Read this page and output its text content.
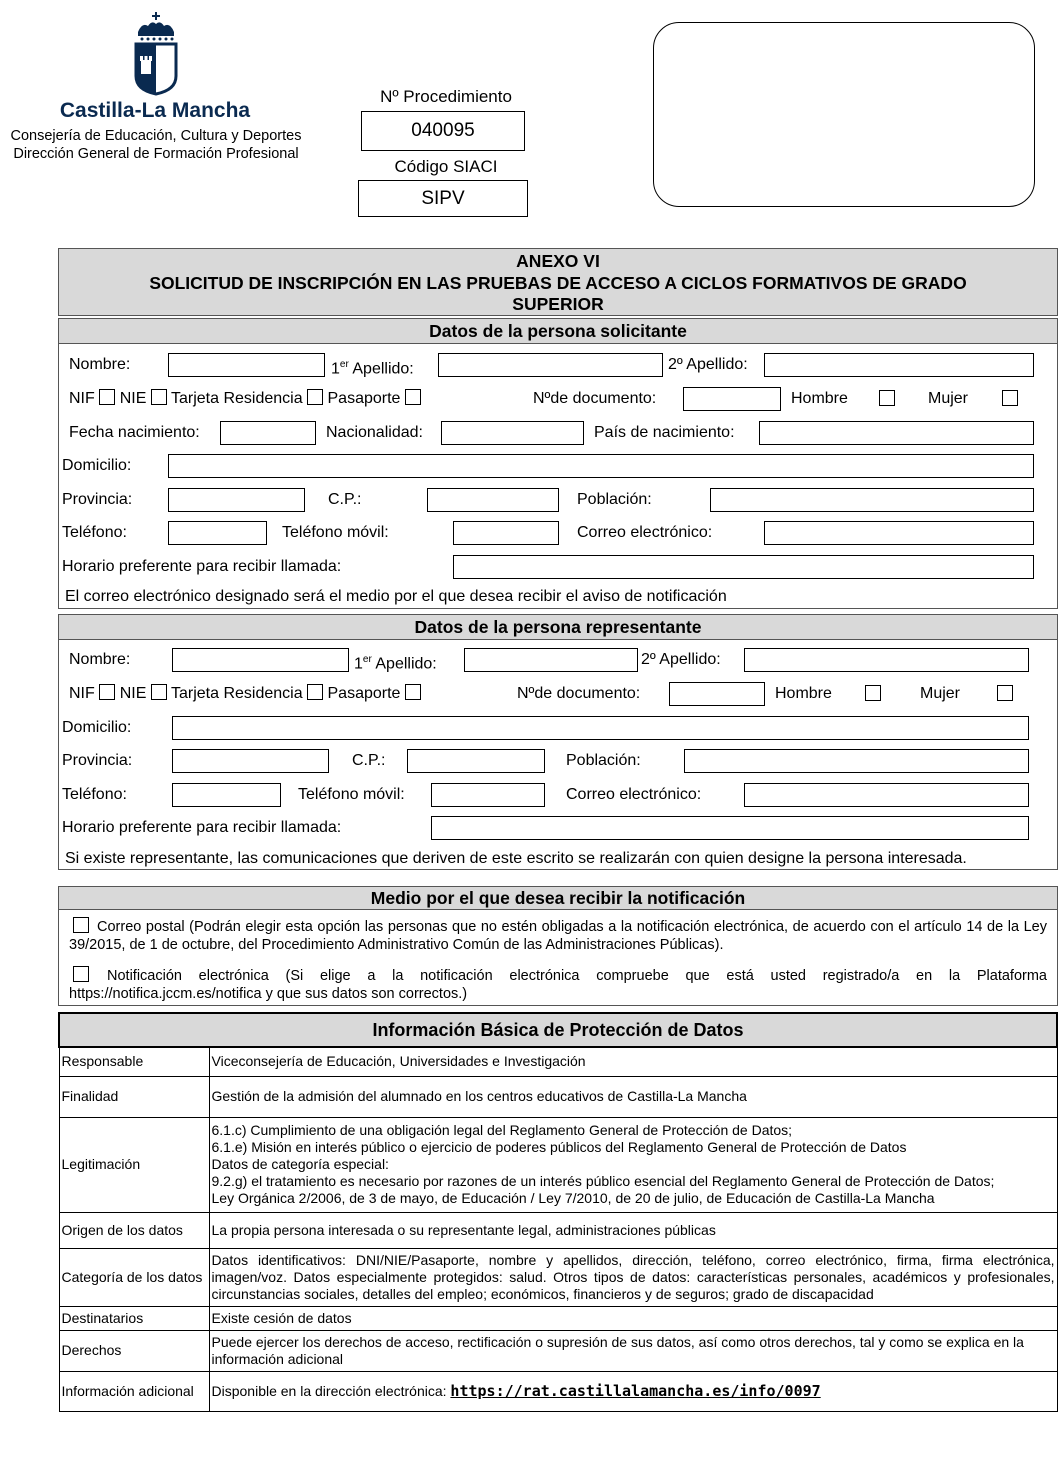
Castilla-La Mancha
Consejería de Educación, Cultura y Deportes
Dirección General de Formación Profesional
Nº Procedimiento
040095
Código SIACI
SIPV
ANEXO VI
SOLICITUD DE INSCRIPCIÓN EN LAS PRUEBAS DE ACCESO A CICLOS FORMATIVOS DE GRADO
SUPERIOR
Datos de la persona solicitante
Nombre:	1er Apellido:	2º Apellido:
NIF NIE Tarjeta Residencia Pasaporte	Nºde documento:	Hombre	Mujer
Fecha nacimiento:	Nacionalidad:	País de nacimiento:
Domicilio:
Provincia:	C.P.:	Población:
Teléfono:	Teléfono móvil:	Correo electrónico:
Horario preferente para recibir llamada:
El correo electrónico designado será el medio por el que desea recibir el aviso de notificación
Datos de la persona representante
Nombre:	1er Apellido:	2º Apellido:
NIF NIE Tarjeta Residencia Pasaporte	Nºde documento:	Hombre	Mujer
Domicilio:
Provincia:	C.P.:	Población:
Teléfono:	Teléfono móvil:	Correo electrónico:
Horario preferente para recibir llamada:
Si existe representante, las comunicaciones que deriven de este escrito se realizarán con quien designe la persona interesada.
Medio por el que desea recibir la notificación
Correo postal (Podrán elegir esta opción las personas que no estén obligadas a la notificación electrónica, de acuerdo con el artículo 14 de la Ley 39/2015, de 1 de octubre, del Procedimiento Administrativo Común de las Administraciones Públicas).
Notificación electrónica (Si elige a la notificación electrónica compruebe que está usted registrado/a en la Plataforma https://notifica.jccm.es/notifica y que sus datos son correctos.)
Información Básica de Protección de Datos	
Responsable	Viceconsejería de Educación, Universidades e Investigación
Finalidad	Gestión de la admisión del alumnado en los centros educativos de Castilla-La Mancha
Legitimación	6.1.c) Cumplimiento de una obligación legal del Reglamento General de Protección de Datos;
6.1.e) Misión en interés público o ejercicio de poderes públicos del Reglamento General de Protección de Datos
Datos de categoría especial:
9.2.g) el tratamiento es necesario por razones de un interés público esencial del Reglamento General de Protección de Datos;
Ley Orgánica 2/2006, de 3 de mayo, de Educación / Ley 7/2010, de 20 de julio, de Educación de Castilla-La Mancha

Origen de los datos	La propia persona interesada o su representante legal, administraciones públicas
Categoría de los datos	Datos identificativos: DNI/NIE/Pasaporte, nombre y apellidos, dirección, teléfono, correo electrónico, firma, firma electrónica, imagen/voz. Datos especialmente protegidos: salud. Otros tipos de datos: características personales, académicos y profesionales, circunstancias sociales, detalles del empleo; económicos, financieros y de seguros; grado de discapacidad
Destinatarios	Existe cesión de datos
Derechos	Puede ejercer los derechos de acceso, rectificación o supresión de sus datos, así como otros derechos, tal y como se explica en la información adicional
Información adicional	Disponible en la dirección electrónica: https://rat.castillalamancha.es/info/0097
